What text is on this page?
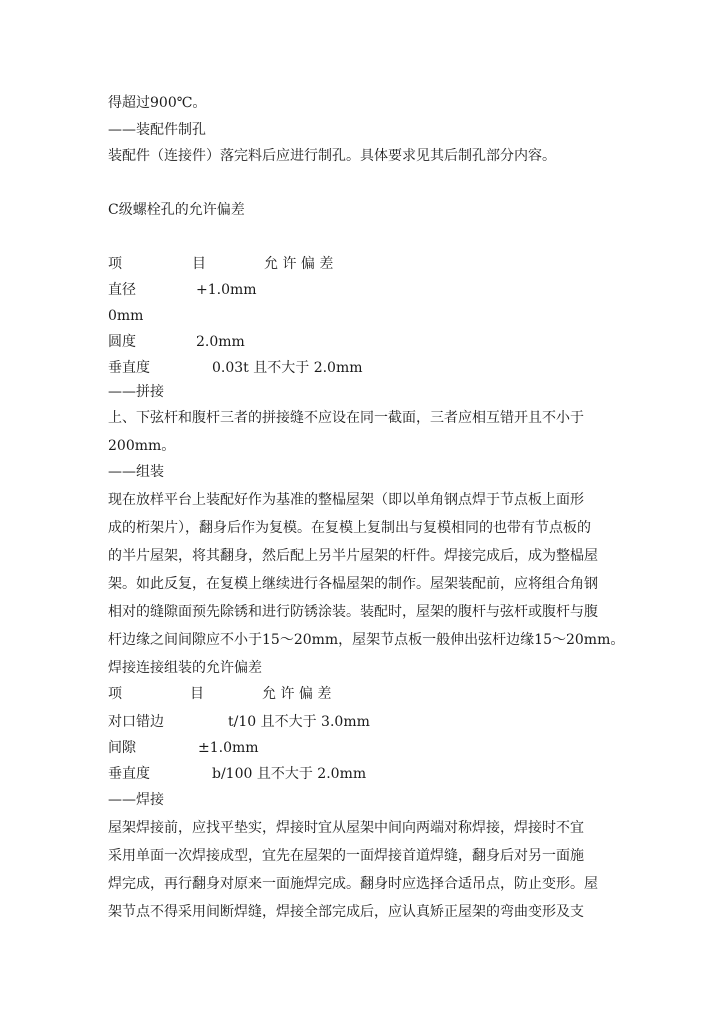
得超过900℃。
——装配件制孔
装配件（连接件）落完料后应进行制孔。具体要求见其后制孔部分内容。
C级螺栓孔的允许偏差
项	目	允 许 偏 差
直径	+1.0mm
0mm
圆度	2.0mm
垂直度	0.03t 且不大于 2.0mm
——拼接
上、下弦杆和腹杆三者的拼接缝不应设在同一截面，三者应相互错开且不小于
200mm。
——组装
现在放样平台上装配好作为基准的整榀屋架（即以单角钢点焊于节点板上面形
成的桁架片），翻身后作为复模。在复模上复制出与复模相同的也带有节点板的
的半片屋架，将其翻身，然后配上另半片屋架的杆件。焊接完成后，成为整榀屋
架。如此反复，在复模上继续进行各榀屋架的制作。屋架装配前，应将组合角钢
相对的缝隙面预先除锈和进行防锈涂装。装配时，屋架的腹杆与弦杆或腹杆与腹
杆边缘之间间隙应不小于15～20mm，屋架节点板一般伸出弦杆边缘15～20mm。
焊接连接组装的允许偏差
项	目	允 许 偏 差
对口错边	t/10 且不大于 3.0mm
间隙	±1.0mm
垂直度	b/100 且不大于 2.0mm
——焊接
屋架焊接前，应找平垫实，焊接时宜从屋架中间向两端对称焊接，焊接时不宜
采用单面一次焊接成型，宜先在屋架的一面焊接首道焊缝，翻身后对另一面施
焊完成，再行翻身对原来一面施焊完成。翻身时应选择合适吊点，防止变形。屋
架节点不得采用间断焊缝，焊接全部完成后，应认真矫正屋架的弯曲变形及支
